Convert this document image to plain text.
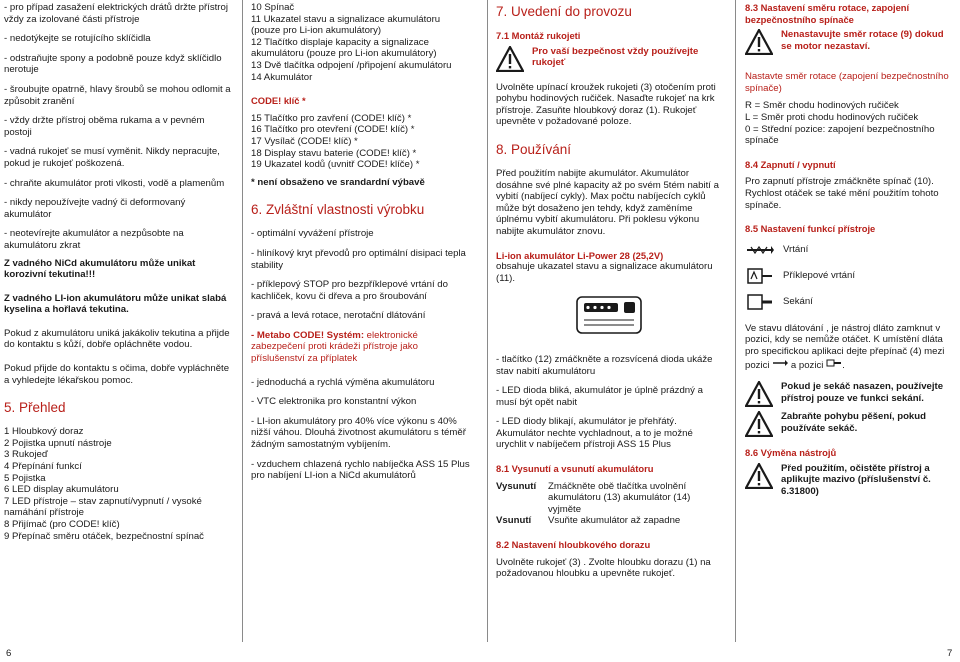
- pro případ zasažení elektrických drátů držte přístroj vždy za izolované části přístroje

- nedotýkejte se rotujícího sklíčidla

- odstraňujte spony a podobně pouze když sklíčidlo nerotuje

- šroubujte opatrně, hlavy šroubů se mohou odlomit a způsobit zranění

- vždy držte přístroj oběma rukama a v pevném postoji

- vadná rukojeť se musí vyměnit. Nikdy nepracujte, pokud je rukojeť poškozená.

- chraňte akumulátor proti vlkosti, vodě a plamenům

- nikdy nepoužívejte vadný či deformovaný akumulátor

- neotevírejte akumulátor a nezpůsobte na akumulátoru zkrat

Z vadného NiCd akumulátoru může unikat korozivní tekutina!!!

Z vadného LI-ion akumulátoru může unikat slabá kyselina a hořlavá tekutina.

Pokud z akumulátoru uniká jakákoliv tekutina a přijde do kontaktu s kůží, dobře opláchněte vodou.

Pokud přijde do kontaktu s očima, dobře vypláchněte a vyhledejte lékařskou pomoc.

5. Přehled

1 Hloubkový doraz

2 Pojistka upnutí nástroje

3 Rukojeď

4 Přepínání funkcí

5 Pojistka

6 LED display akumulátoru

7 LED přístroje – stav zapnutí/vypnutí / vysoké namáhání přístroje

8 Přijímač (pro CODE! klíč)

9 Přepínač směru otáček, bezpečnostní spínač

6

10 Spínač

11 Ukazatel stavu a signalizace akumulátoru (pouze pro Li-ion akumulátory)

12 Tlačítko displaje kapacity a signalizace akumulátoru (pouze pro Li-ion akumulátory)

13 Dvě tlačítka odpojení /připojení akumulátoru

14 Akumulátor

CODE! klíč *

15 Tlačítko pro zavření (CODE! klíč) *

16 Tlačítko pro otevření (CODE! klíč) *

17 Vysílač (CODE! klíč) *

18 Display stavu baterie (CODE! klíč) *

19 Ukazatel kodů (uvnitř CODE! klíče) *

* není obsaženo ve srandardní výbavě

6. Zvláštní vlastnosti výrobku

- optimální vyvážení přístroje

- hliníkový kryt převodů pro optimální disipaci tepla stability

- příklepový STOP pro bezpříklepové vrtání do kachliček, kovu či dřeva a pro šroubování

- pravá a levá rotace, nerotační dlátování

- Metabo CODE! Systém: elektronické zabezpečení proti krádeži přístroje jako příslušenství za příplatek

- jednoduchá a rychlá výměna akumulátoru

- VTC elektronika pro konstantní výkon

- LI-ion akumulátory pro 40% více výkonu s 40% nižší váhou. Dlouhá životnost akumulátoru s téměř žádným samostatným vybíjením.

- vzduchem chlazená rychlo nabíječka ASS 15 Plus pro nabíjení LI-ion a NiCd akumulátorů

7. Uvedení do provozu

7.1 Montáž rukojeti

Pro vaší bezpečnost vždy používejte rukojeť

Uvolněte upínací kroužek rukojeti (3) otočením proti pohybu hodinových ručiček. Nasaďte rukojeť na krk přístroje. Zasuňte hloubkový doraz (1). Rukojeť upevněte v požadované poloze.

8. Používání

Před použitím nabijte akumulátor. Akumulátor dosáhne své plné kapacity až po svém 5tém nabití a vybití (nabíjecí cykly). Max počtu nabíjecích cyklů může být dosaženo jen tehdy, když zaměníme úplnému vybití akumulátoru. Při poklesu výkonu nabijte akumulátor znovu.

Li-ion akumulátor Li-Power 28 (25,2V)

obsahuje ukazatel stavu a signalizace akumulátoru (11).

- tlačítko (12) zmáčkněte a rozsvícená dioda ukáže stav nabití akumulátoru

- LED dioda bliká, akumulátor je úplně prázdný a musí být opět nabit

- LED diody blikají, akumulátor je přehřátý. Akumulátor nechte vychladnout, a to je možné urychlit v nabíječem přístroji ASS 15 Plus

8.1 Vysunutí a vsunutí akumulátoru

Vysunutí	Zmáčkněte obě tlačítka uvolnění akumulátoru (13) akumulátor (14) vyjměte
Vsunutí	Vsuňte akumulátor až zapadne

8.2 Nastavení hloubkového dorazu

Uvolněte rukojeť (3) . Zvolte hloubku dorazu (1) na požadovanou hloubku a upevněte rukojeť.

8.3 Nastavení směru rotace, zapojení bezpečnostního spínače

Nenastavujte směr rotace (9) dokud se motor nezastaví.

Nastavte směr rotace (zapojení bezpečnostního spínače)

R = Směr chodu hodinových ručiček

L = Směr proti chodu hodinových ručiček

0 = Střední pozice: zapojení bezpečnostního spínače

8.4 Zapnutí / vypnutí

Pro zapnutí přístroje zmáčkněte spínač (10). Rychlost otáček se také mění použitím tohoto spínače.

8.5 Nastavení funkcí přístroje

Vrtání
Příklepové vrtání
Sekání

Ve stavu dlátování , je nástroj dláto zamknut v pozici, kdy se nemůže otáčet. K umístění dláta pro specifickou aplikaci dejte přepínač (4) mezi pozici a pozici .

Pokud je sekáč nasazen, používejte přístroj pouze ve funkci sekání.

Zabraňte pohybu pěšení, pokud používáte sekáč.

8.6 Výměna nástrojů

Před použitím, očistěte přístroj a aplikujte mazivo (příslušenství č. 6.31800)

7
